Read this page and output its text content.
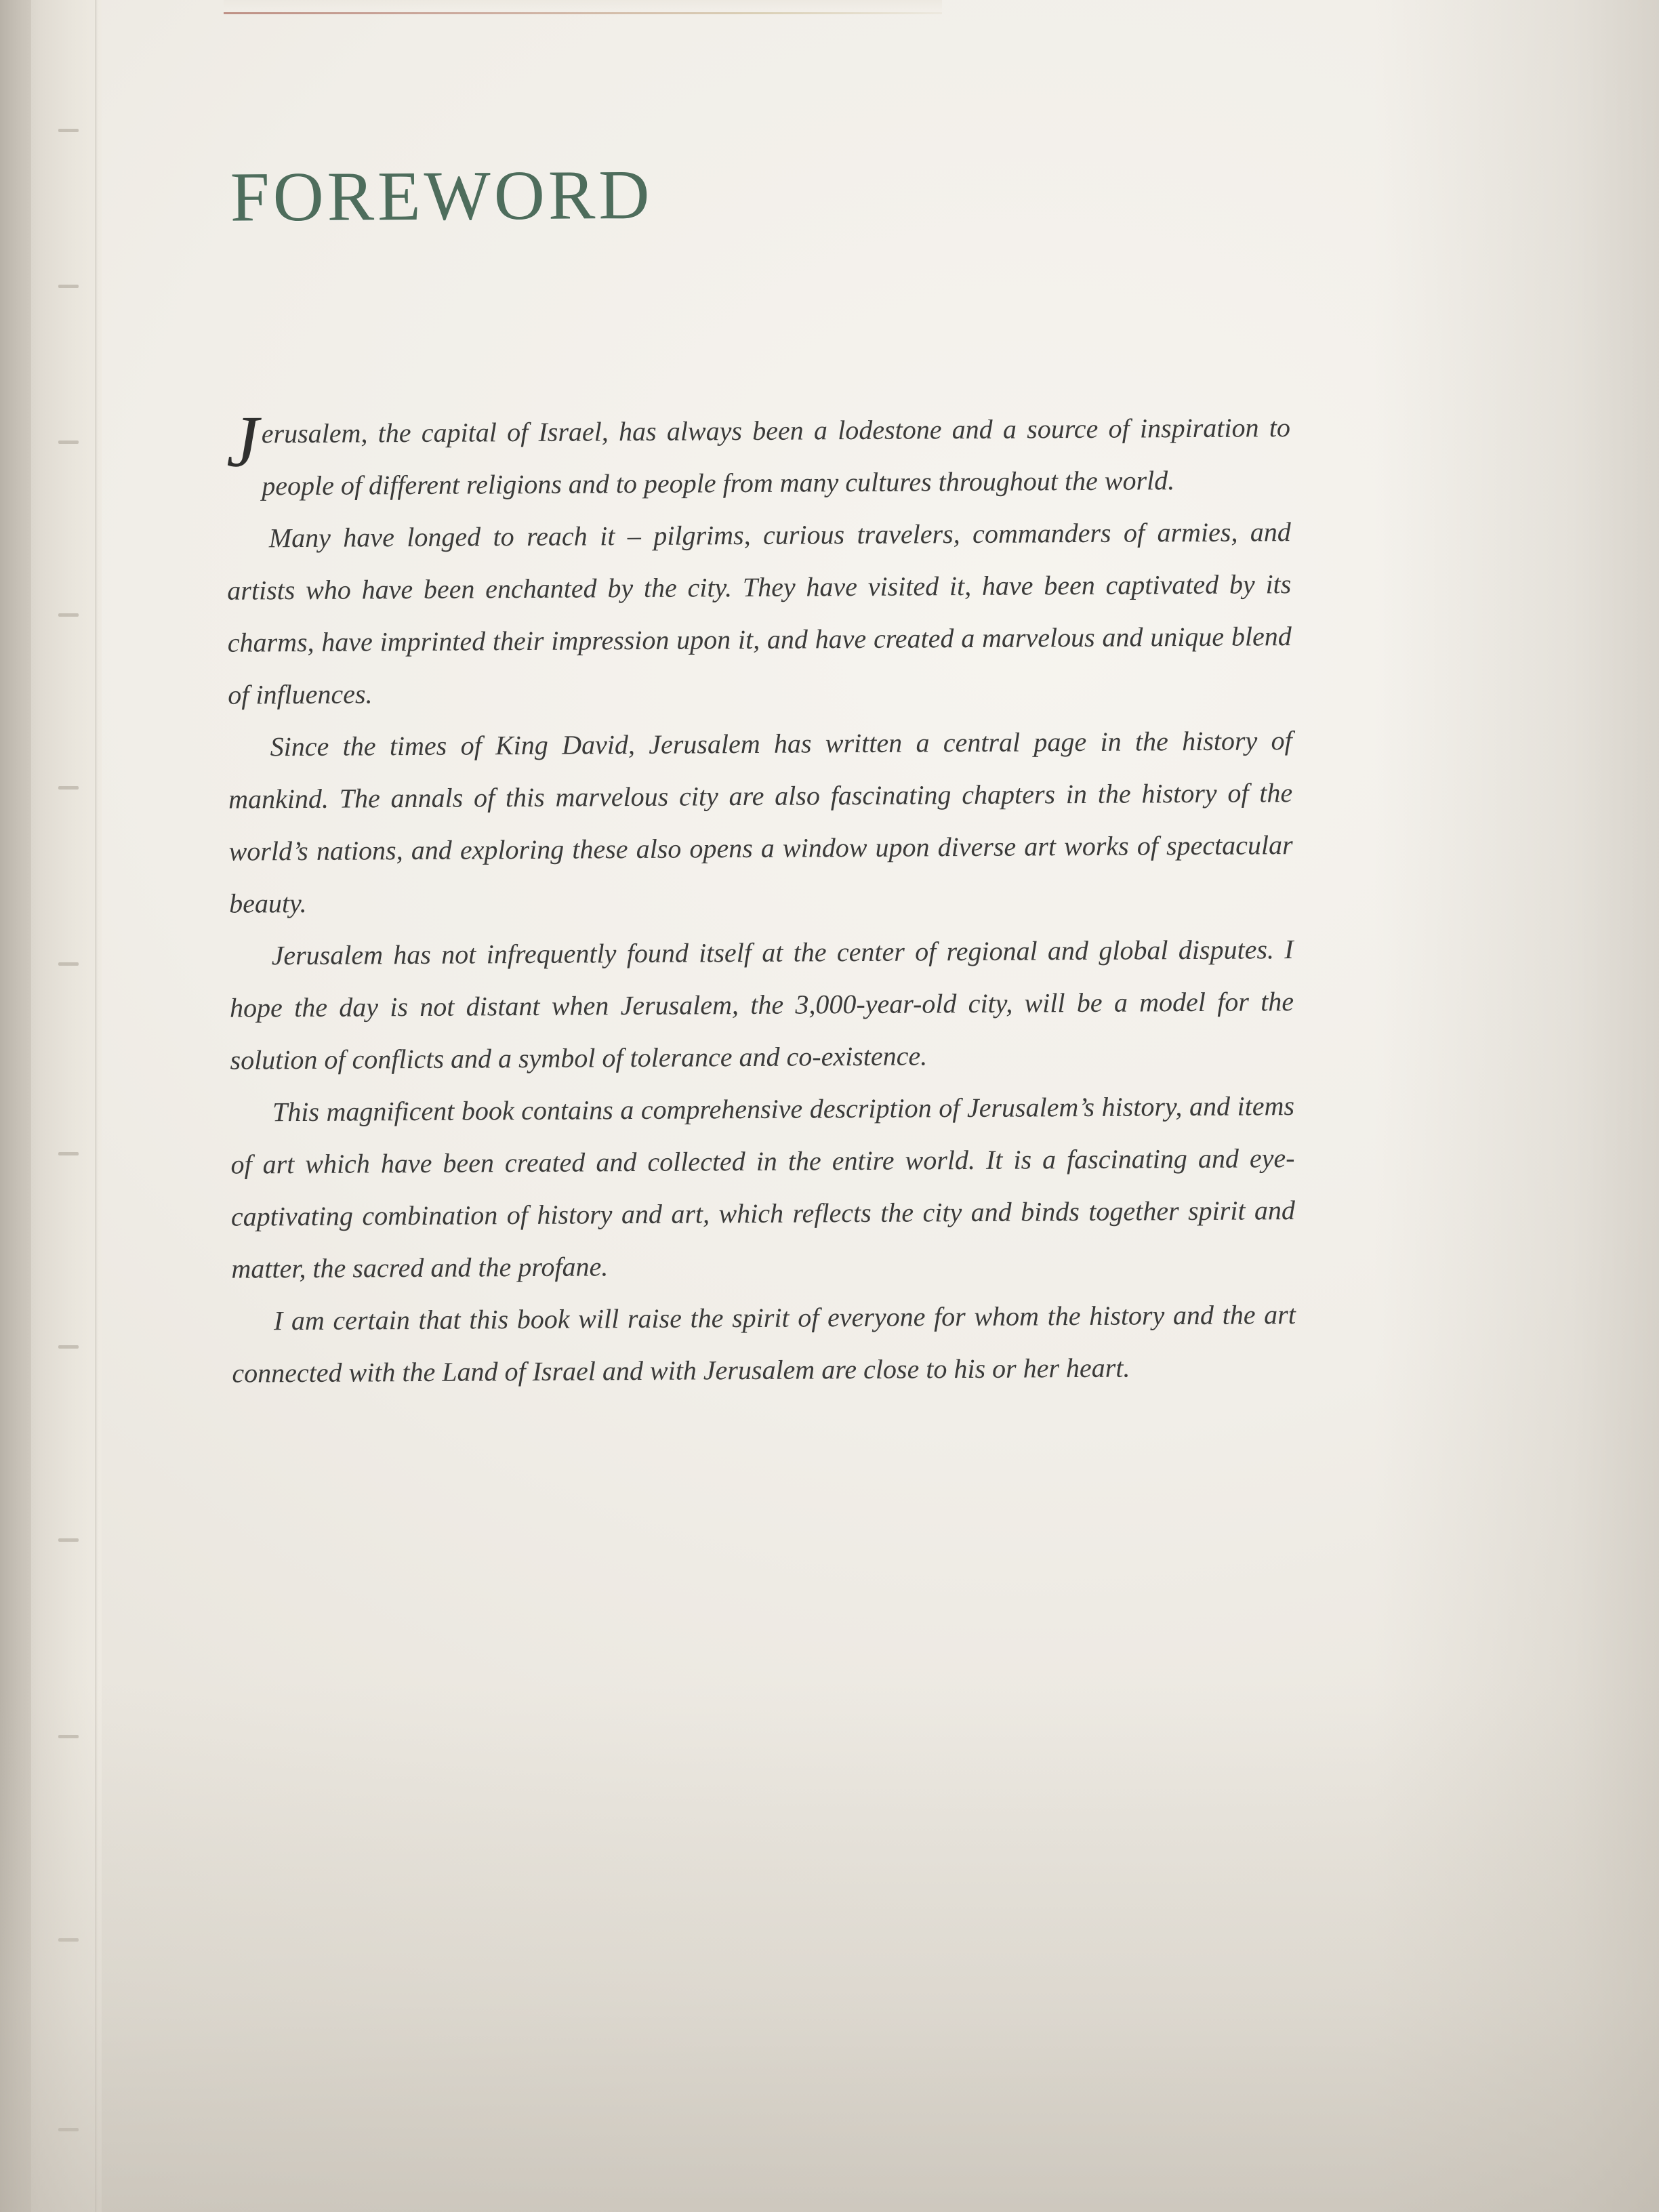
FOREWORD

Jerusalem, the capital of Israel, has always been a lodestone and a source of inspiration to people of different religions and to people from many cultures throughout the world.

Many have longed to reach it – pilgrims, curious travelers, commanders of armies, and artists who have been enchanted by the city. They have visited it, have been captivated by its charms, have imprinted their impression upon it, and have created a marvelous and unique blend of influences.

Since the times of King David, Jerusalem has written a central page in the history of mankind. The annals of this marvelous city are also fascinating chapters in the history of the world’s nations, and exploring these also opens a window upon diverse art works of spectacular beauty.

Jerusalem has not infrequently found itself at the center of regional and global disputes. I hope the day is not distant when Jerusalem, the 3,000-year-old city, will be a model for the solution of conflicts and a symbol of tolerance and co-existence.

This magnificent book contains a comprehensive description of Jerusalem’s history, and items of art which have been created and collected in the entire world. It is a fascinating and eye-captivating combination of history and art, which reflects the city and binds together spirit and matter, the sacred and the profane.

I am certain that this book will raise the spirit of everyone for whom the history and the art connected with the Land of Israel and with Jerusalem are close to his or her heart.
